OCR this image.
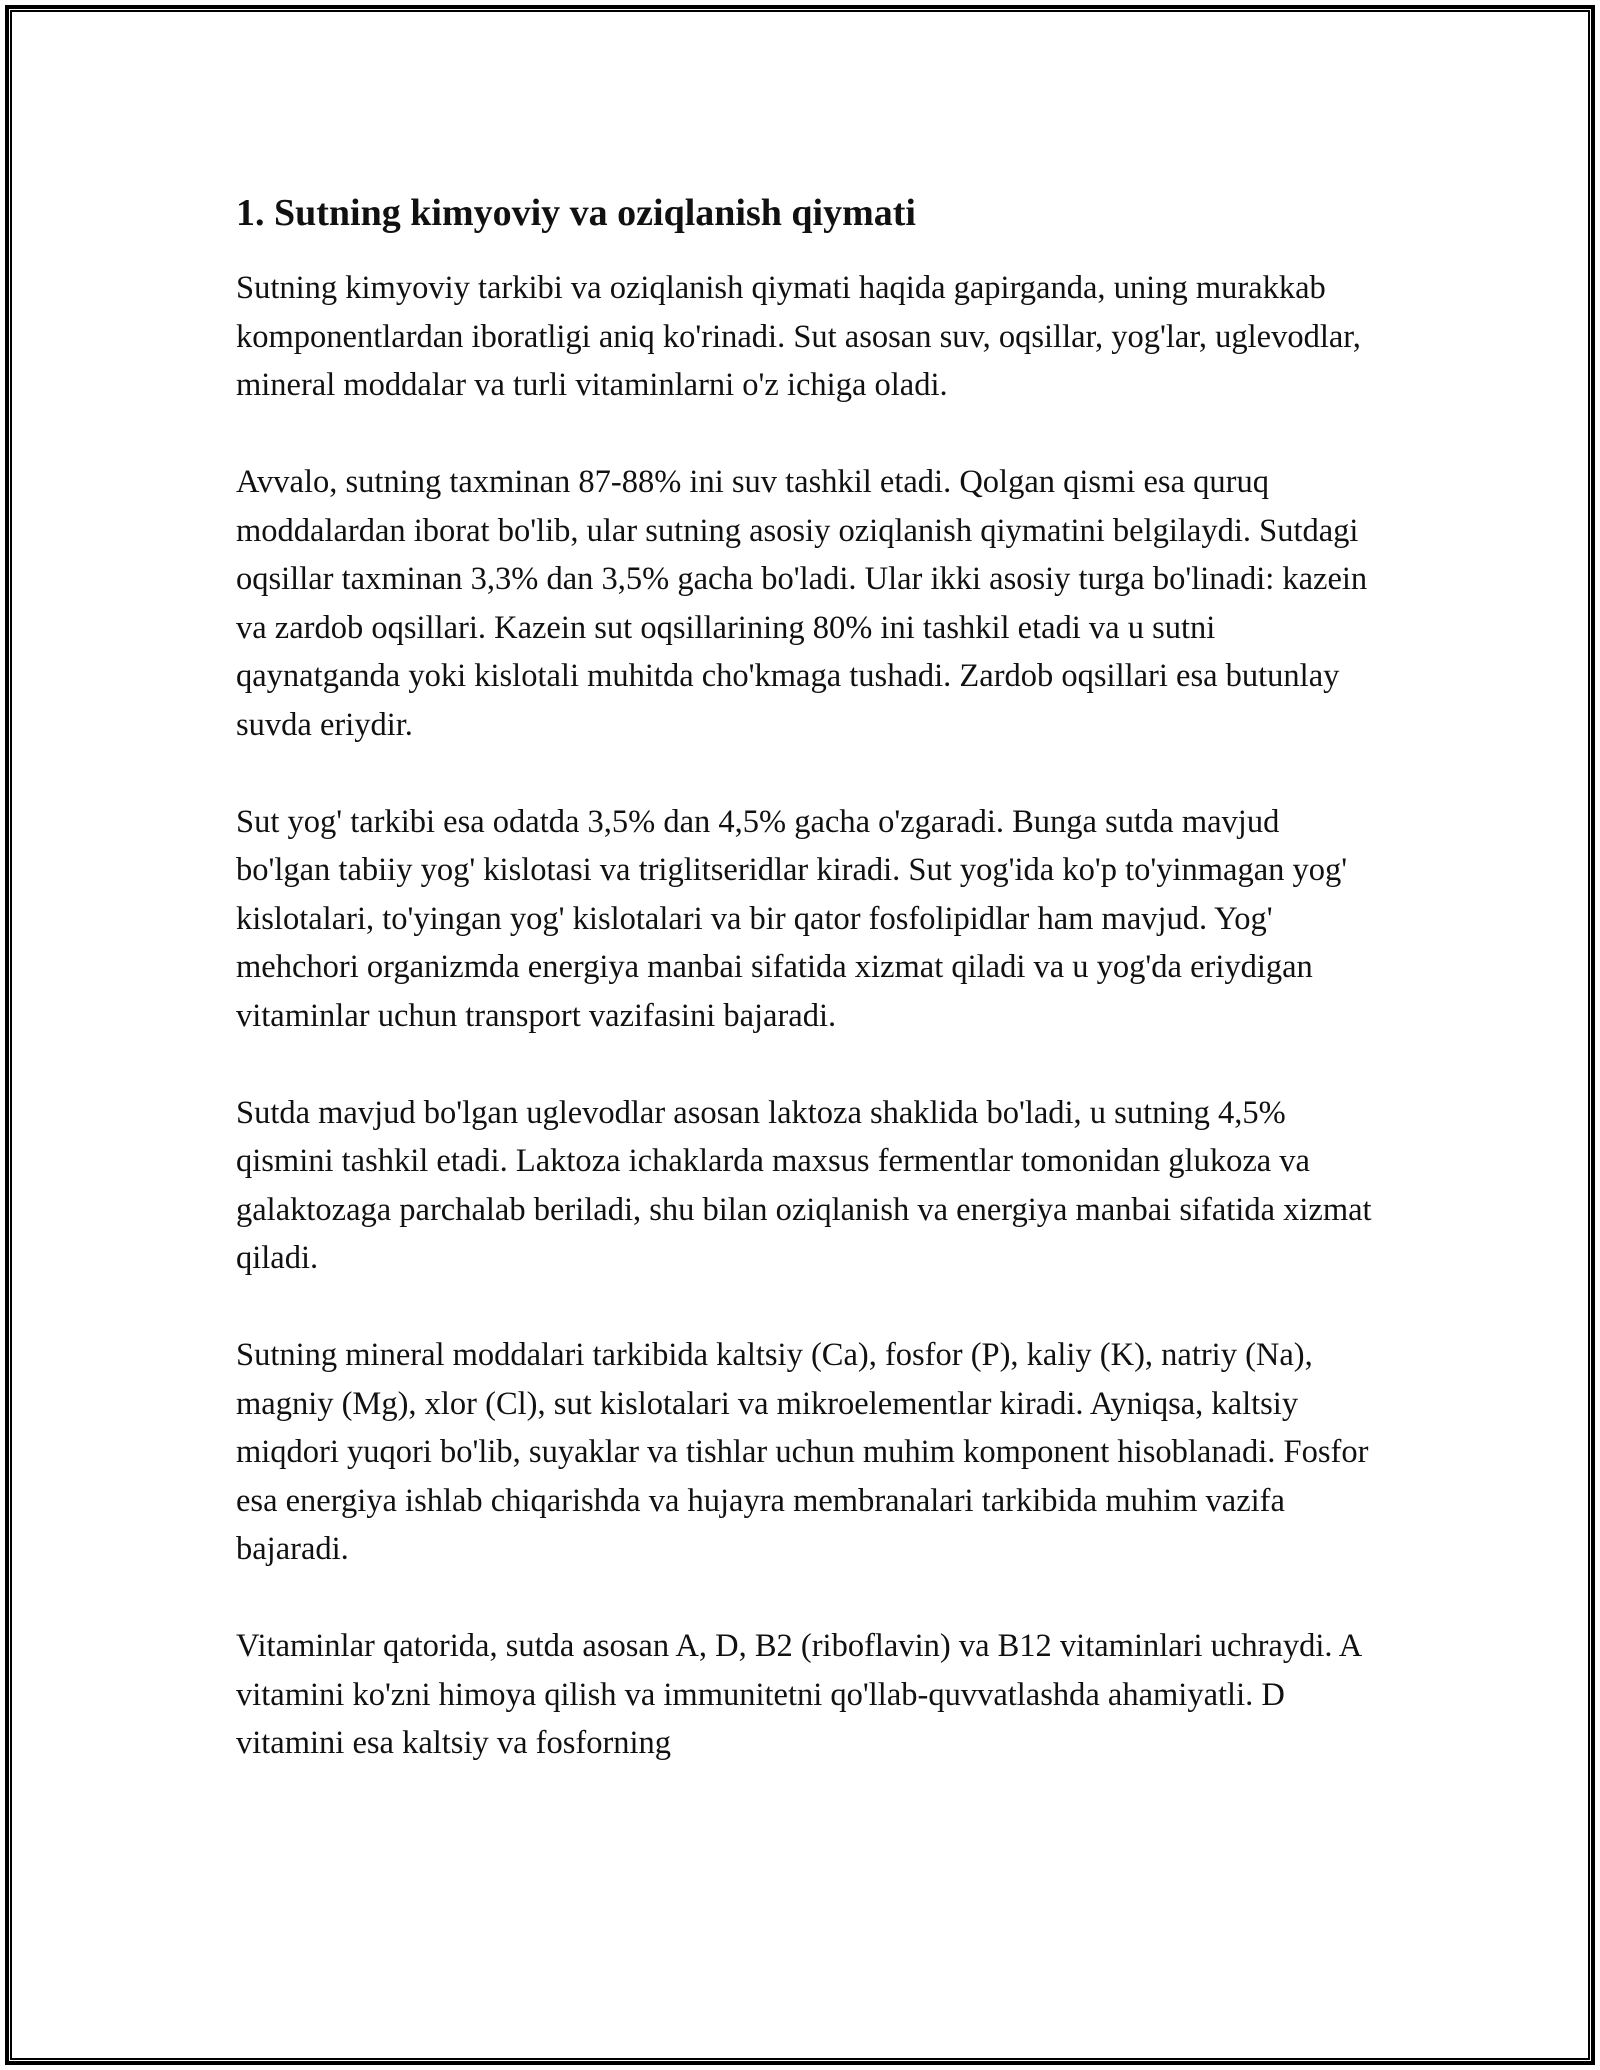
1. Sutning kimyoviy va oziqlanish qiymati

Sutning kimyoviy tarkibi va oziqlanish qiymati haqida gapirganda, uning murakkab komponentlardan iboratligi aniq ko'rinadi. Sut asosan suv, oqsillar, yog'lar, uglevodlar, mineral moddalar va turli vitaminlarni o'z ichiga oladi.

Avvalo, sutning taxminan 87-88% ini suv tashkil etadi. Qolgan qismi esa quruq moddalardan iborat bo'lib, ular sutning asosiy oziqlanish qiymatini belgilaydi. Sutdagi oqsillar taxminan 3,3% dan 3,5% gacha bo'ladi. Ular ikki asosiy turga bo'linadi: kazein va zardob oqsillari. Kazein sut oqsillarining 80% ini tashkil etadi va u sutni qaynatganda yoki kislotali muhitda cho'kmaga tushadi. Zardob oqsillari esa butunlay suvda eriydir.

Sut yog' tarkibi esa odatda 3,5% dan 4,5% gacha o'zgaradi. Bunga sutda mavjud bo'lgan tabiiy yog' kislotasi va triglitseridlar kiradi. Sut yog'ida ko'p to'yinmagan yog' kislotalari, to'yingan yog' kislotalari va bir qator fosfolipidlar ham mavjud. Yog' mehchori organizmda energiya manbai sifatida xizmat qiladi va u yog'da eriydigan vitaminlar uchun transport vazifasini bajaradi.

Sutda mavjud bo'lgan uglevodlar asosan laktoza shaklida bo'ladi, u sutning 4,5% qismini tashkil etadi. Laktoza ichaklarda maxsus fermentlar tomonidan glukoza va galaktozaga parchalab beriladi, shu bilan oziqlanish va energiya manbai sifatida xizmat qiladi.

Sutning mineral moddalari tarkibida kaltsiy (Ca), fosfor (P), kaliy (K), natriy (Na), magniy (Mg), xlor (Cl), sut kislotalari va mikroelementlar kiradi. Ayniqsa, kaltsiy miqdori yuqori bo'lib, suyaklar va tishlar uchun muhim komponent hisoblanadi. Fosfor esa energiya ishlab chiqarishda va hujayra membranalari tarkibida muhim vazifa bajaradi.

Vitaminlar qatorida, sutda asosan A, D, B2 (riboflavin) va B12 vitaminlari uchraydi. A vitamini ko'zni himoya qilish va immunitetni qo'llab-quvvatlashda ahamiyatli. D vitamini esa kaltsiy va fosforning
